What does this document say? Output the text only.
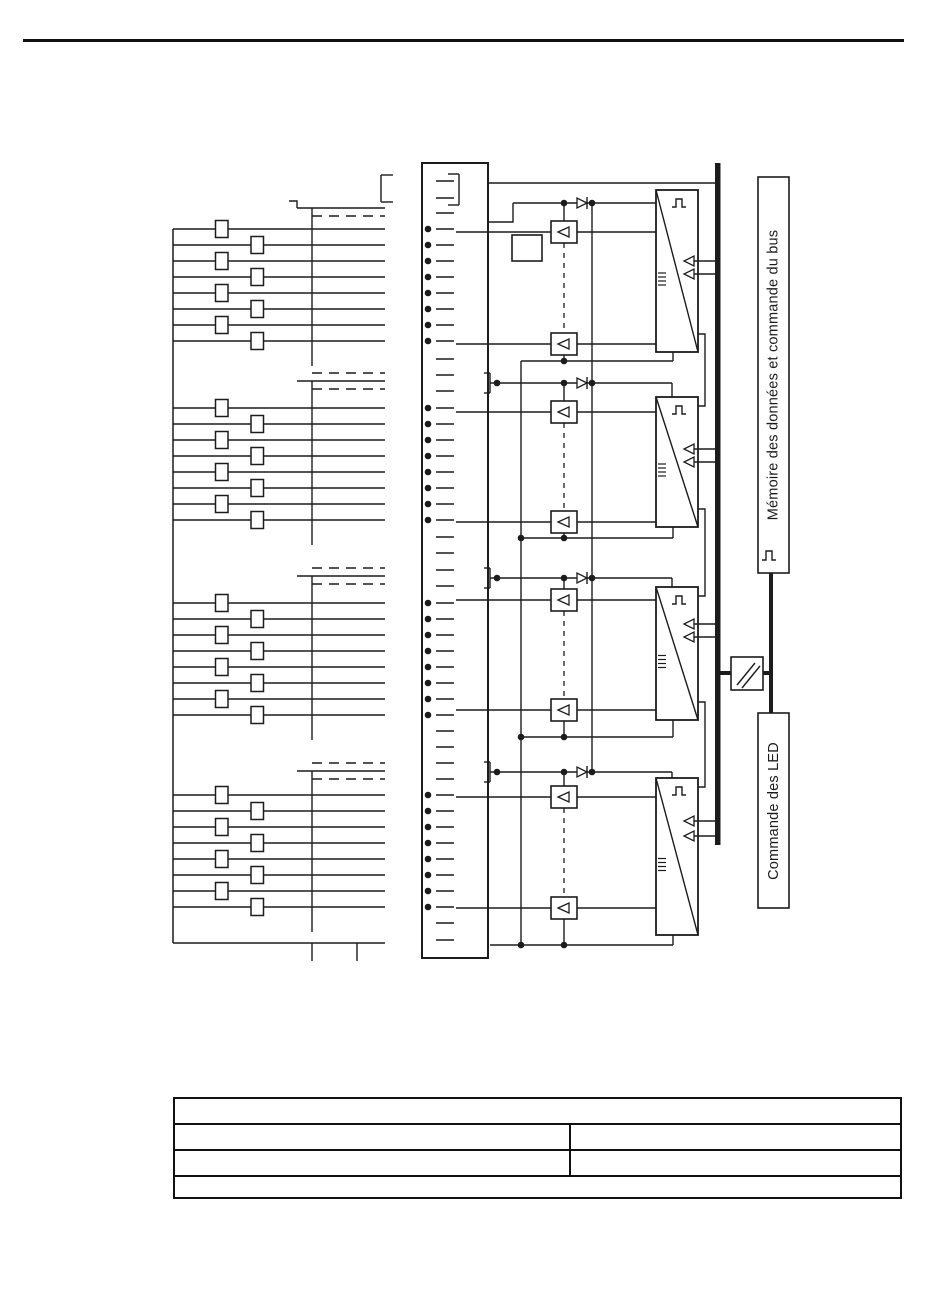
Mémoire des données et commande du bus
Commande des LED
